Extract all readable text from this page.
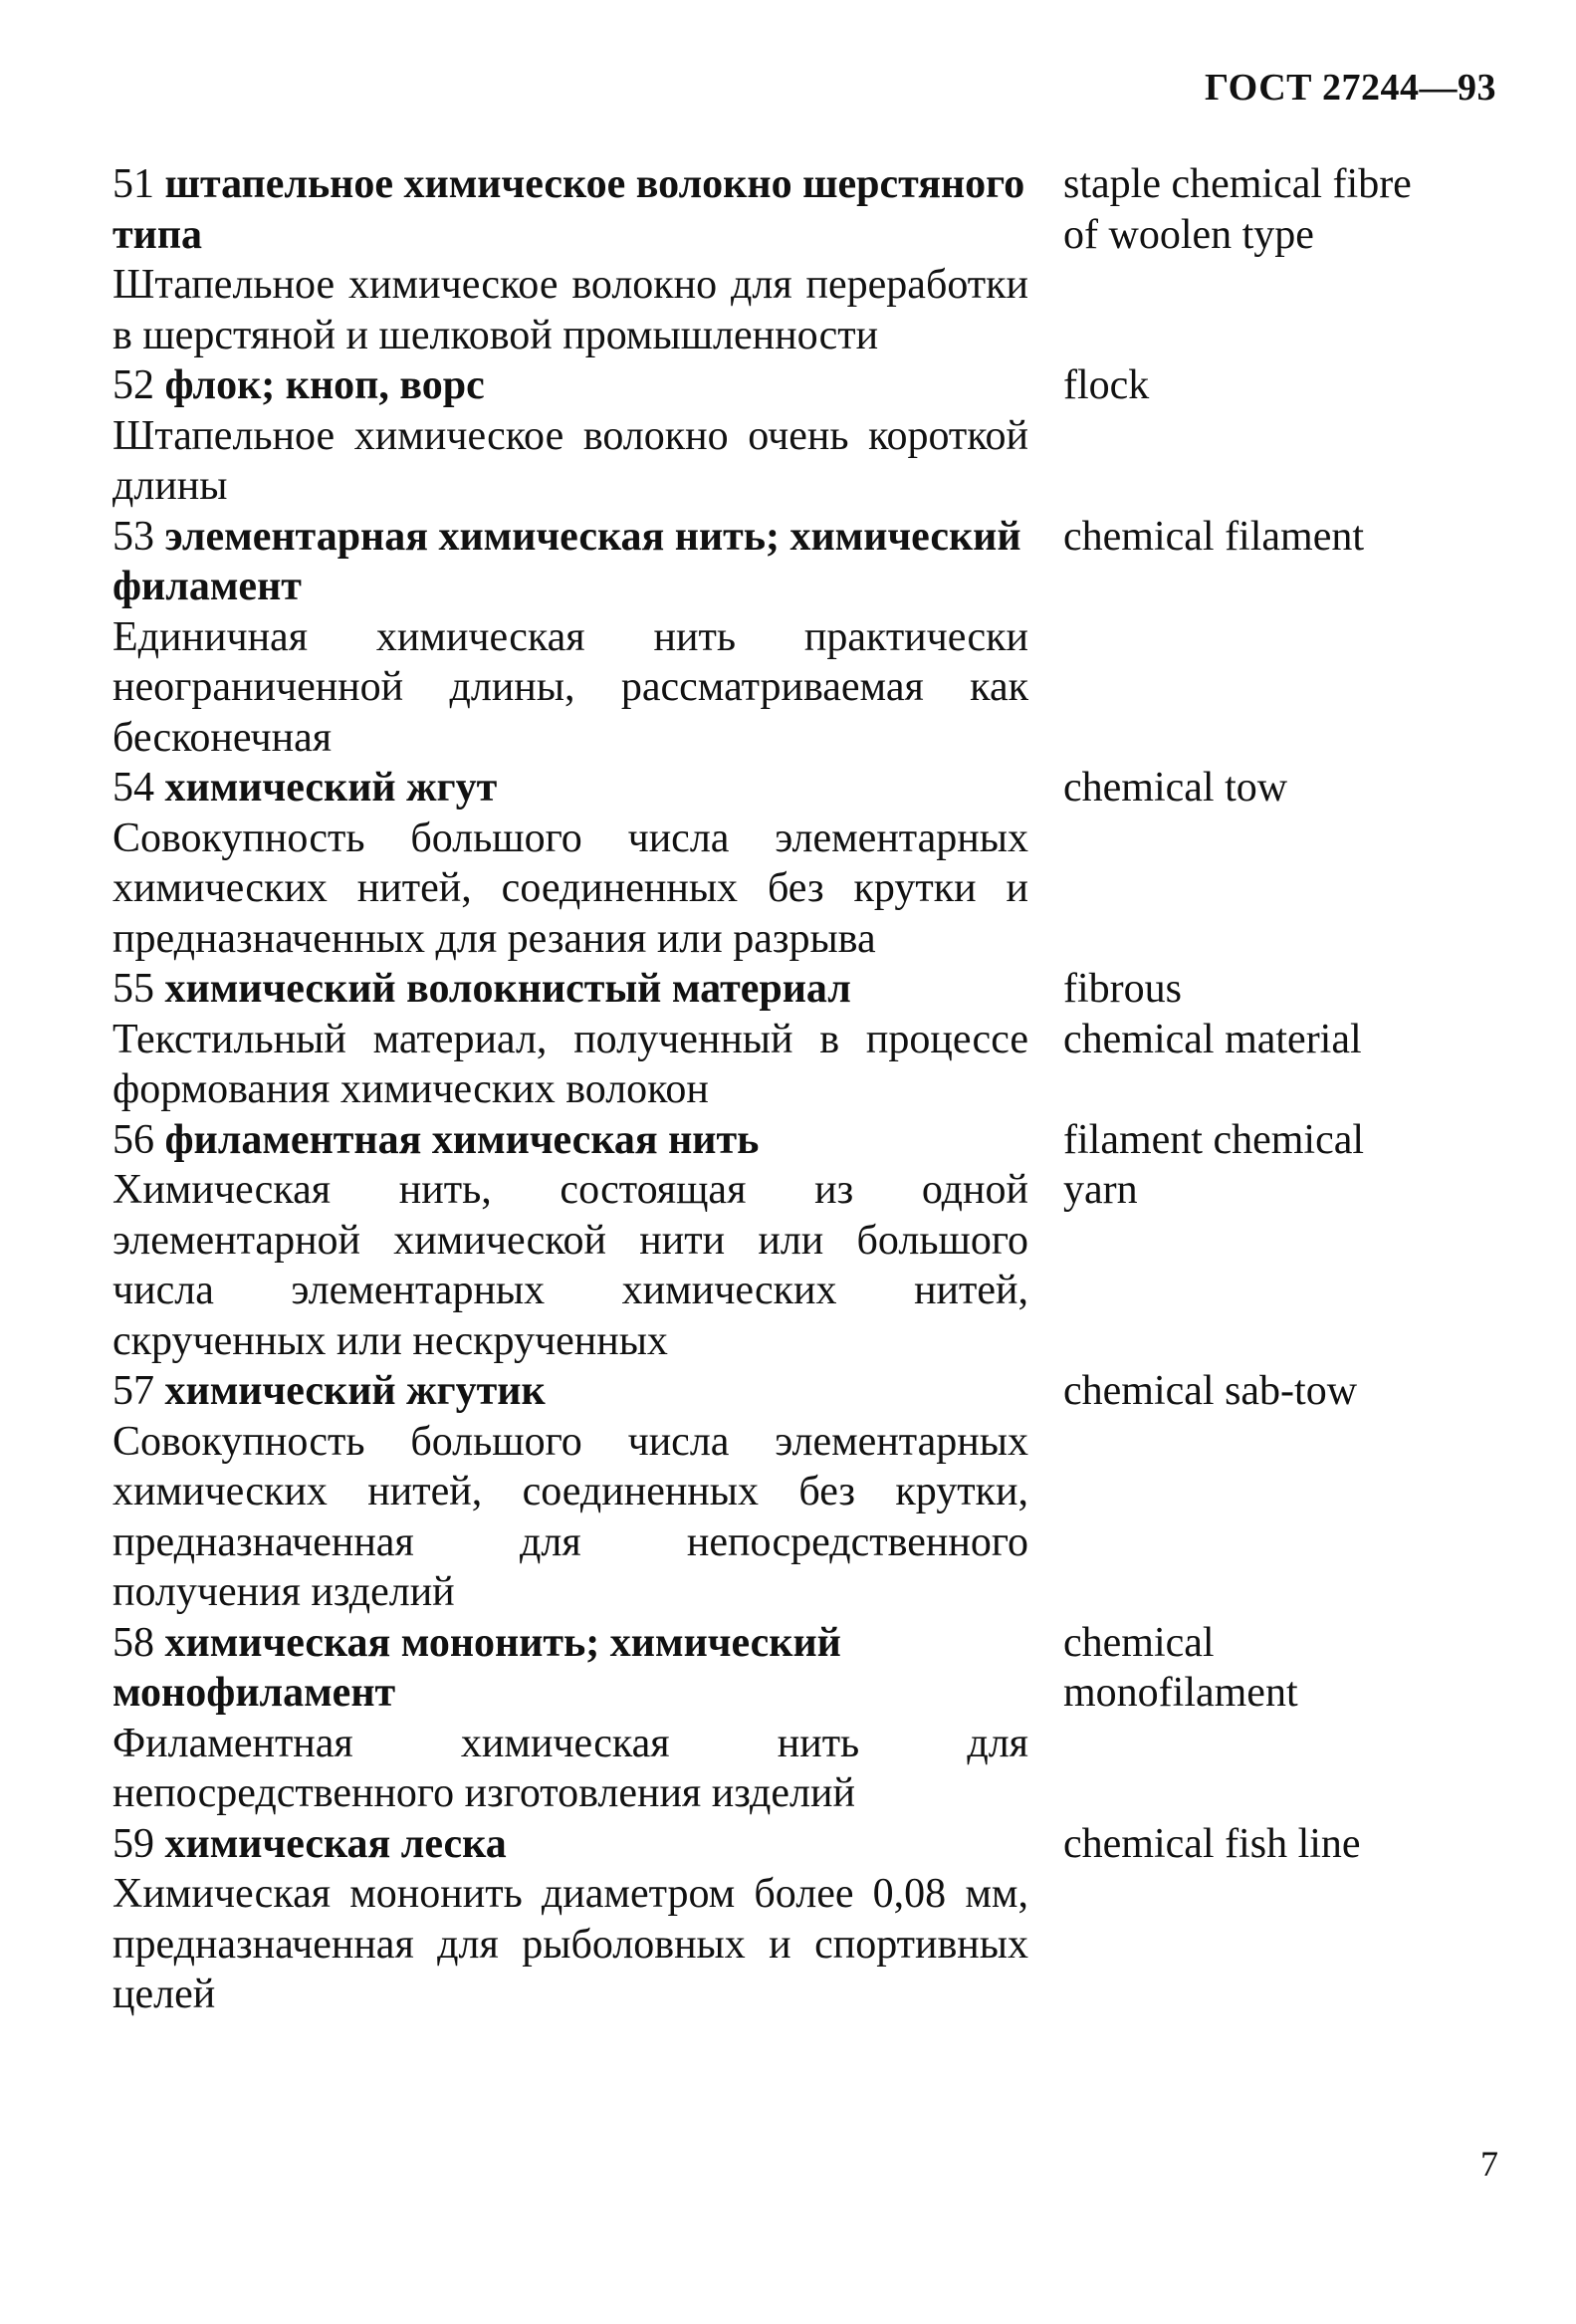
ГОСТ 27244—93
51 штапельное химическое волокно шерстяного типа
Штапельное химическое волокно для переработки в шерстяной и шелковой промышленности
staple chemical fibre
of woolen type
52 флок; кноп, ворс
Штапельное химическое волокно очень короткой длины
flock
53 элементарная химическая нить; химический филамент
Единичная химическая нить практически неограниченной длины, рассматриваемая как бесконечная
chemical filament
54 химический жгут
Совокупность большого числа элементарных химических нитей, соединенных без крутки и предназначенных для резания или разрыва
chemical tow
55 химический волокнистый материал
Текстильный материал, полученный в процессе формования химических волокон
fibrous
chemical material
56 филаментная химическая нить
Химическая нить, состоящая из одной элементарной химической нити или большого числа элементарных химических нитей, скрученных или нескрученных
filament chemical
yarn
57 химический жгутик
Совокупность большого числа элементарных химических нитей, соединенных без крутки, предназначенная для непосредственного получения изделий
chemical sab-tow
58 химическая мононить; химический монофиламент
Филаментная химическая нить для непосредственного изготовления изделий
chemical
monofilament
59 химическая леска
Химическая мононить диаметром более 0,08 мм, предназначенная для рыболовных и спортивных целей
chemical fish line
7
